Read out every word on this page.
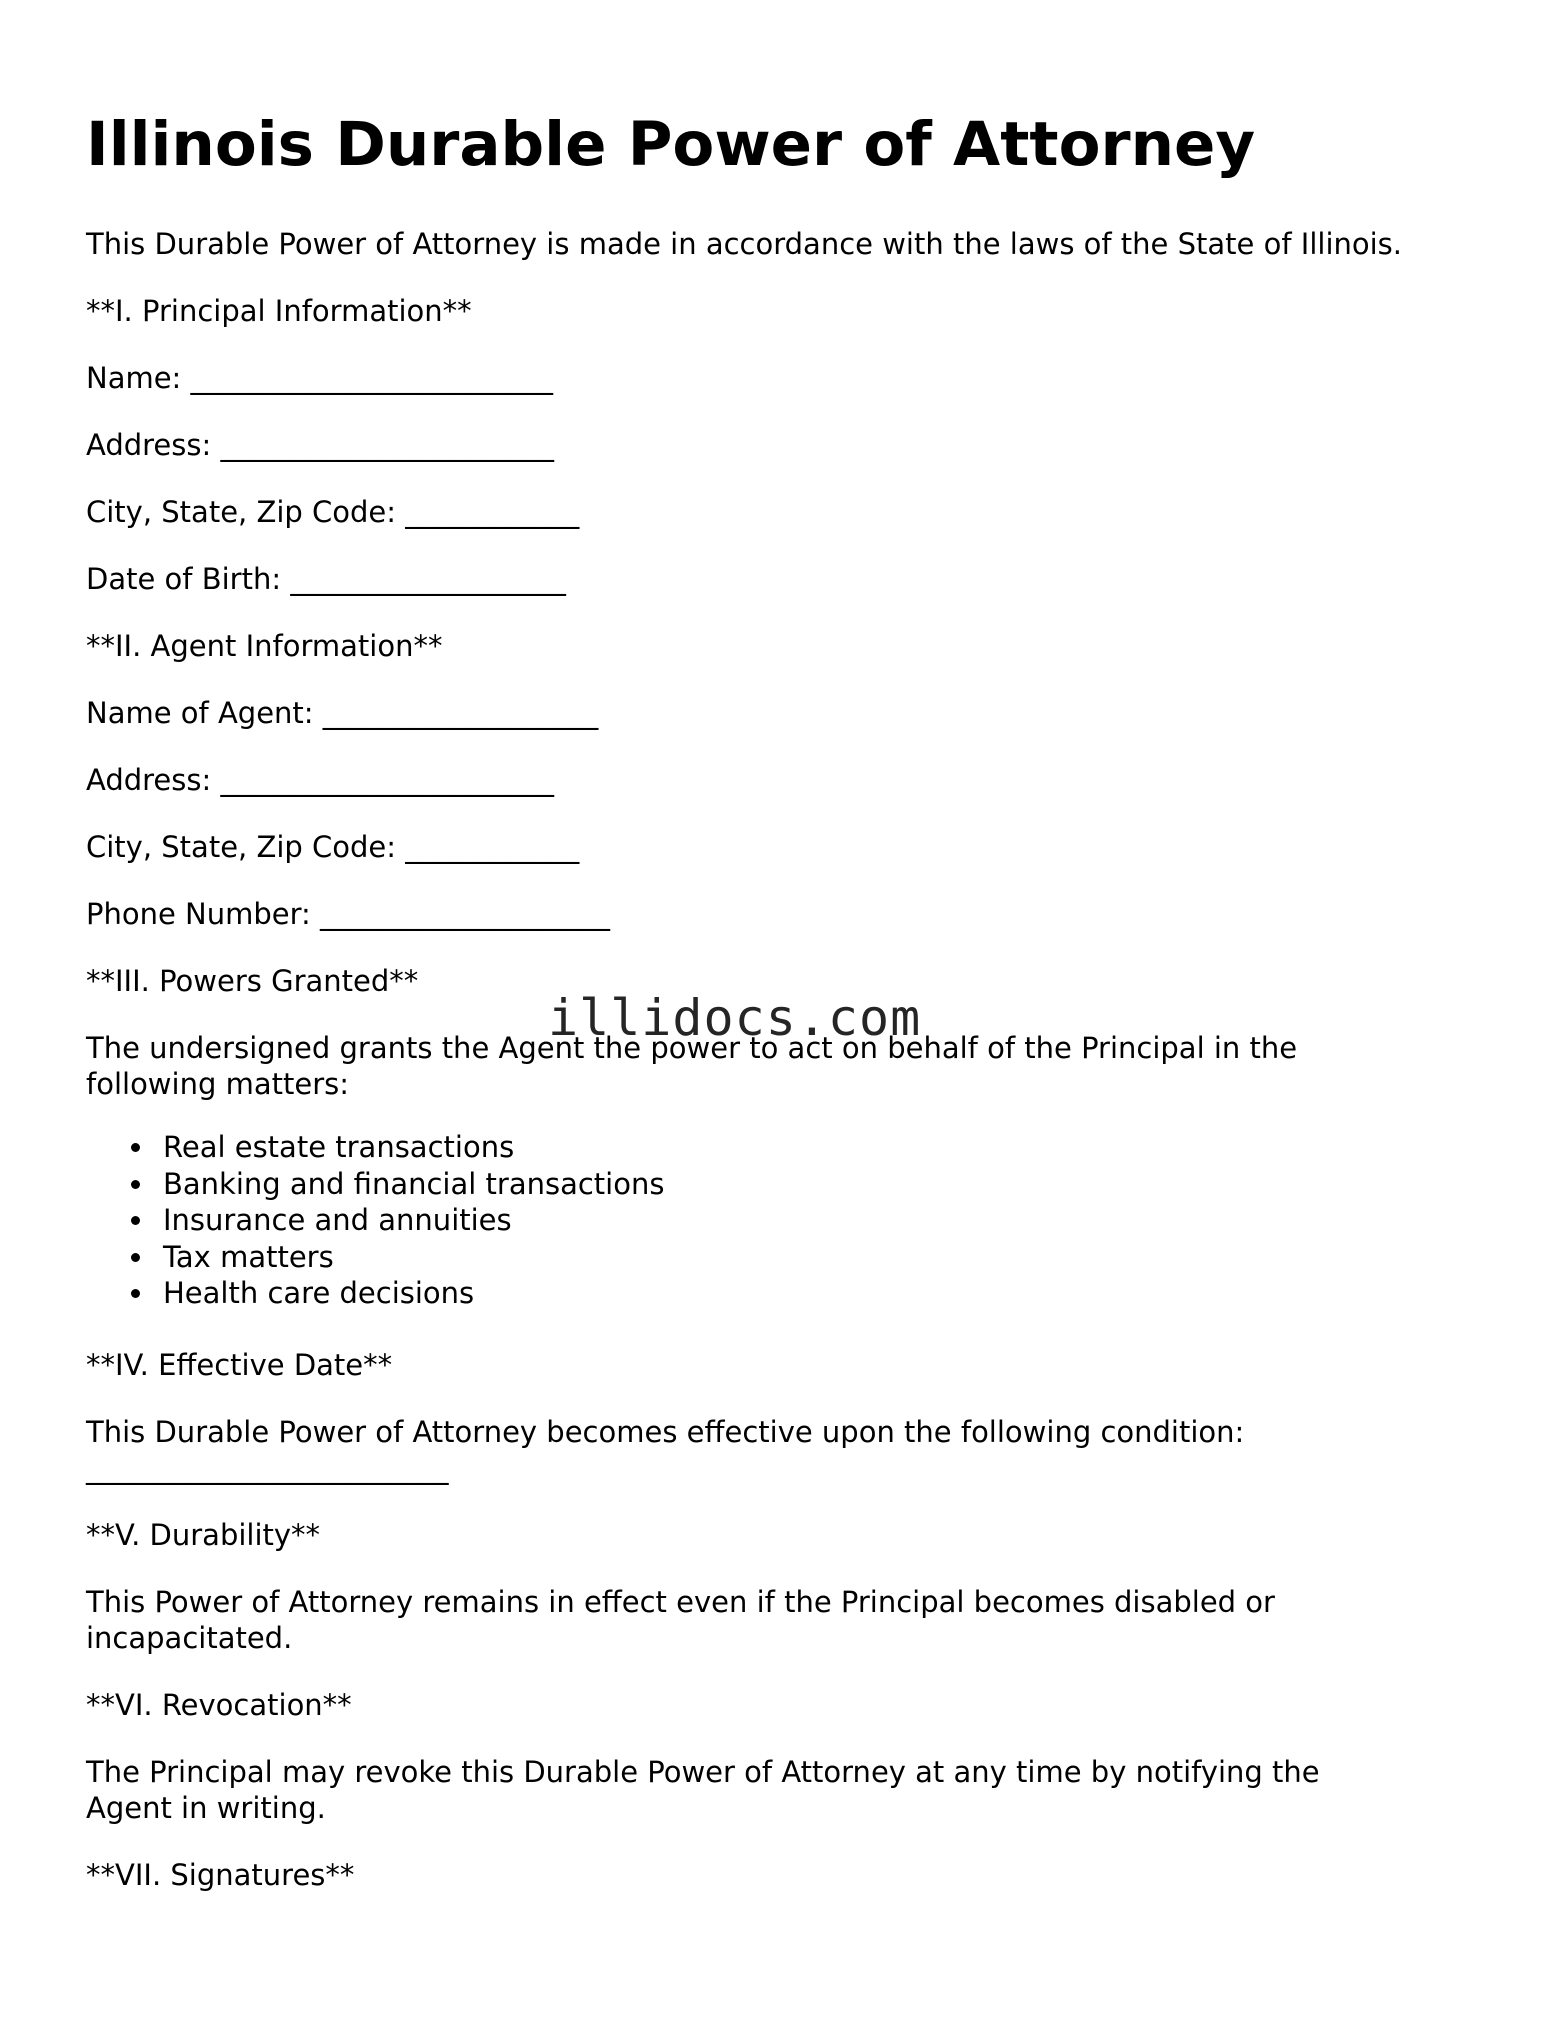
Illinois Durable Power of Attorney

This Durable Power of Attorney is made in accordance with the laws of the State of Illinois.

**I. Principal Information**

Name: _________________________

Address: _______________________

City, State, Zip Code: ____________

Date of Birth: ___________________

**II. Agent Information**

Name of Agent: ___________________

Address: _______________________

City, State, Zip Code: ____________

Phone Number: ____________________

**III. Powers Granted**

The undersigned grants the Agent the power to act on behalf of the Principal in the following matters:

Real estate transactions
Banking and financial transactions
Insurance and annuities
Tax matters
Health care decisions

**IV. Effective Date**

This Durable Power of Attorney becomes effective upon the following condition: _________________________

**V. Durability**

This Power of Attorney remains in effect even if the Principal becomes disabled or incapacitated.

**VI. Revocation**

The Principal may revoke this Durable Power of Attorney at any time by notifying the Agent in writing.

**VII. Signatures**

illidocs.com
